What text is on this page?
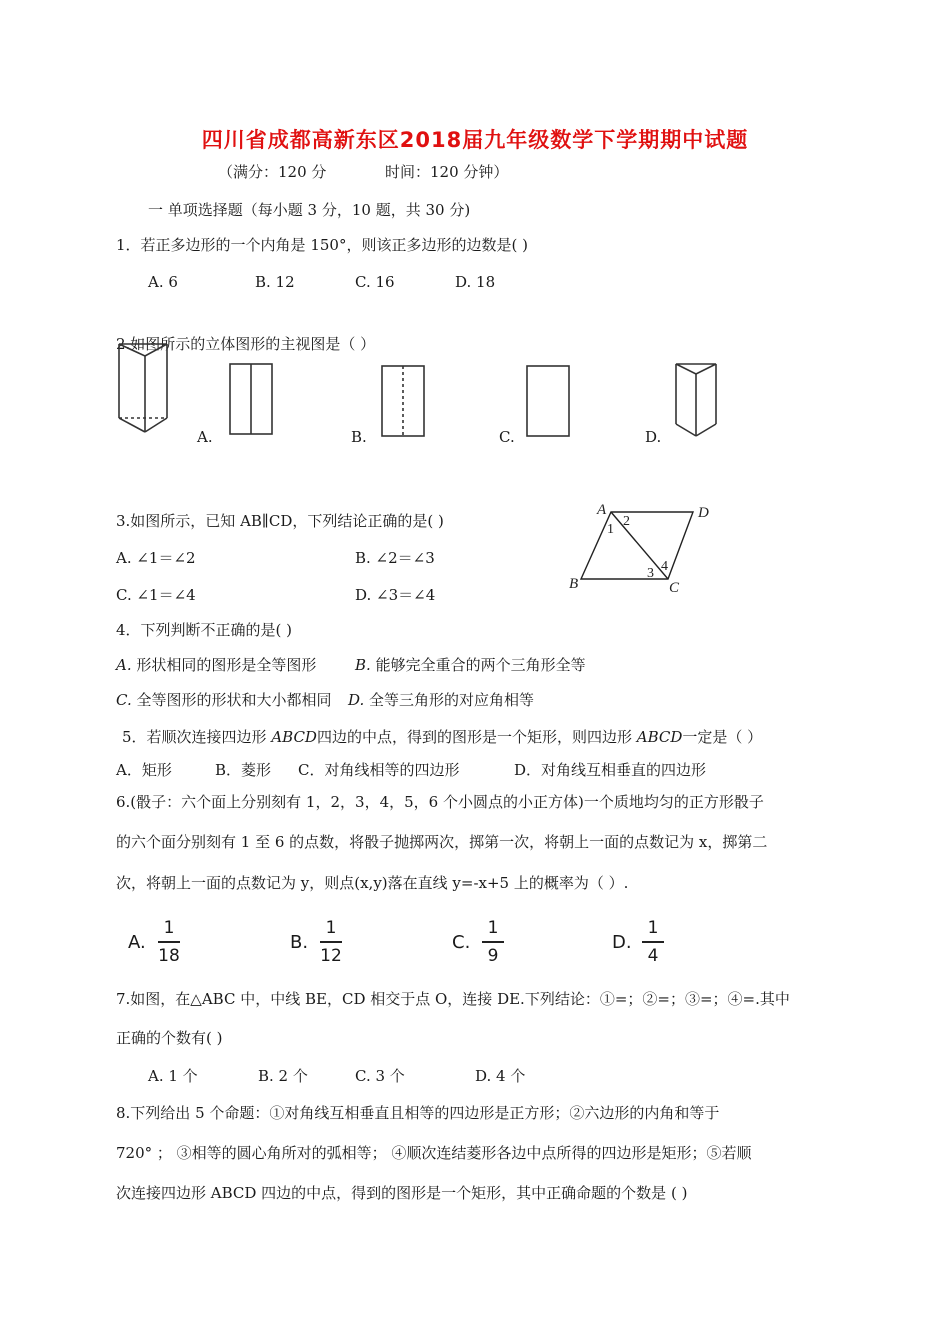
四川省成都高新东区2018届九年级数学下学期期中试题
（满分：120 分	时间：120 分钟）
一 单项选择题（每小题 3 分，10 题，共 30 分)
1．若正多边形的一个内角是 150°，则该正多边形的边数是( )
A. 6	B. 12	C. 16	D. 18
2.如图所示的立体图形的主视图是（ ）
A.	B.	C.	D.
3.如图所示，已知 AB∥CD，下列结论正确的是( )
A. ∠1＝∠2	B. ∠2＝∠3
C. ∠1＝∠4	D. ∠3＝∠4
A	D
B	C
1
2
3 4
4．下列判断不正确的是( )
A. 形状相同的图形是全等图形	B. 能够完全重合的两个三角形全等
C. 全等图形的形状和大小都相同 D. 全等三角形的对应角相等
5．若顺次连接四边形 ABCD四边的中点，得到的图形是一个矩形，则四边形 ABCD一定是（ ）
A．矩形	B．菱形 C．对角线相等的四边形	D．对角线互相垂直的四边形
6.(骰子：六个面上分别刻有 1，2，3，4，5，6 个小圆点的小正方体)一个质地均匀的正方形骰子
的六个面分别刻有 1 至 6 的点数，将骰子抛掷两次，掷第一次，将朝上一面的点数记为 x，掷第二
次，将朝上一面的点数记为 y，则点(x,y)落在直线 y=-x+5 上的概率为（ ）.
A.
1
18
B.
1
12
C.
1
9
D.
1
4
7.如图，在△ABC 中，中线 BE，CD 相交于点 O，连接 DE.下列结论：①=；②=；③=；④=.其中
正确的个数有( )
A. 1 个	B. 2 个	C. 3 个	D. 4 个
8.下列给出 5 个命题：①对角线互相垂直且相等的四边形是正方形；②六边形的内角和等于
720° ； ③相等的圆心角所对的弧相等； ④顺次连结菱形各边中点所得的四边形是矩形；⑤若顺
次连接四边形 ABCD 四边的中点，得到的图形是一个矩形，其中正确命题的个数是 ( )
